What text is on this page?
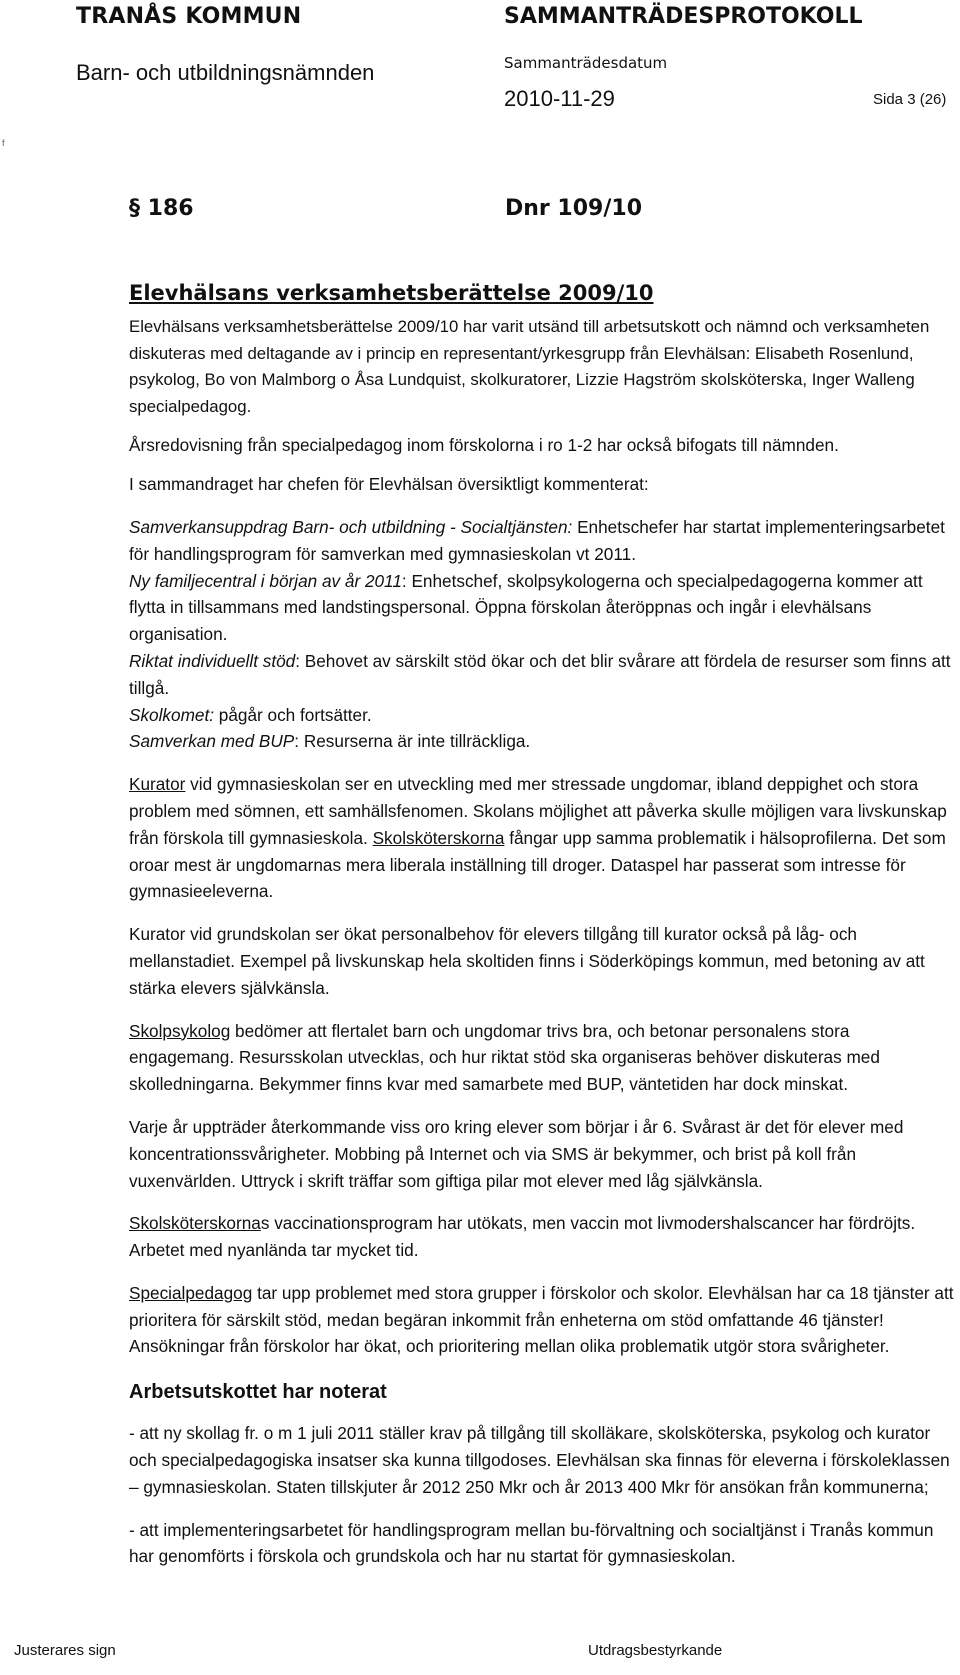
TRANÅS KOMMUN
Barn- och utbildningsnämnden
SAMMANTRÄDESPROTOKOLL
Sammanträdesdatum
2010-11-29	Sida 3 (26)
f
§ 186	Dnr 109/10
Elevhälsans verksamhetsberättelse 2009/10

Elevhälsans verksamhetsberättelse 2009/10 har varit utsänd till arbetsutskott och nämnd och verksamheten diskuteras med deltagande av i princip en representant/yrkesgrupp från Elevhälsan: Elisabeth Rosenlund, psykolog, Bo von Malmborg o Åsa Lundquist, skolkuratorer, Lizzie Hagström skolsköterska, Inger Walleng specialpedagog.

Årsredovisning från specialpedagog inom förskolorna i ro 1-2 har också bifogats till nämnden.

I sammandraget har chefen för Elevhälsan översiktligt kommenterat:

Samverkansuppdrag Barn- och utbildning - Socialtjänsten: Enhetschefer har startat implementeringsarbetet för handlingsprogram för samverkan med gymnasieskolan vt 2011.

Ny familjecentral i början av år 2011: Enhetschef, skolpsykologerna och specialpedagogerna kommer att flytta in tillsammans med landstingspersonal. Öppna förskolan återöppnas och ingår i elevhälsans organisation.

Riktat individuellt stöd: Behovet av särskilt stöd ökar och det blir svårare att fördela de resurser som finns att tillgå.

Skolkomet: pågår och fortsätter.

Samverkan med BUP: Resurserna är inte tillräckliga.

Kurator vid gymnasieskolan ser en utveckling med mer stressade ungdomar, ibland deppighet och stora problem med sömnen, ett samhällsfenomen. Skolans möjlighet att påverka skulle möjligen vara livskunskap från förskola till gymnasieskola. Skolsköterskorna fångar upp samma problematik i hälsoprofilerna. Det som oroar mest är ungdomarnas mera liberala inställning till droger. Dataspel har passerat som intresse för gymnasieeleverna.

Kurator vid grundskolan ser ökat personalbehov för elevers tillgång till kurator också på låg- och mellanstadiet. Exempel på livskunskap hela skoltiden finns i Söderköpings kommun, med betoning av att stärka elevers självkänsla.

Skolpsykolog bedömer att flertalet barn och ungdomar trivs bra, och betonar personalens stora engagemang. Resursskolan utvecklas, och hur riktat stöd ska organiseras behöver diskuteras med skolledningarna. Bekymmer finns kvar med samarbete med BUP, väntetiden har dock minskat.

Varje år uppträder återkommande viss oro kring elever som börjar i år 6. Svårast är det för elever med koncentrationssvårigheter. Mobbing på Internet och via SMS är bekymmer, och brist på koll från vuxenvärlden. Uttryck i skrift träffar som giftiga pilar mot elever med låg självkänsla.

Skolsköterskornas vaccinationsprogram har utökats, men vaccin mot livmodershalscancer har fördröjts. Arbetet med nyanlända tar mycket tid.

Specialpedagog tar upp problemet med stora grupper i förskolor och skolor. Elevhälsan har ca 18 tjänster att prioritera för särskilt stöd, medan begäran inkommit från enheterna om stöd omfattande 46 tjänster! Ansökningar från förskolor har ökat, och prioritering mellan olika problematik utgör stora svårigheter.

Arbetsutskottet har noterat

- att ny skollag fr. o m 1 juli 2011 ställer krav på tillgång till skolläkare, skolsköterska, psykolog och kurator och specialpedagogiska insatser ska kunna tillgodoses. Elevhälsan ska finnas för eleverna i förskoleklassen – gymnasieskolan. Staten tillskjuter år 2012 250 Mkr och år 2013 400 Mkr för ansökan från kommunerna;

- att implementeringsarbetet för handlingsprogram mellan bu-förvaltning och socialtjänst i Tranås kommun har genomförts i förskola och grundskola och har nu startat för gymnasieskolan.

Justerares sign	Utdragsbestyrkande
